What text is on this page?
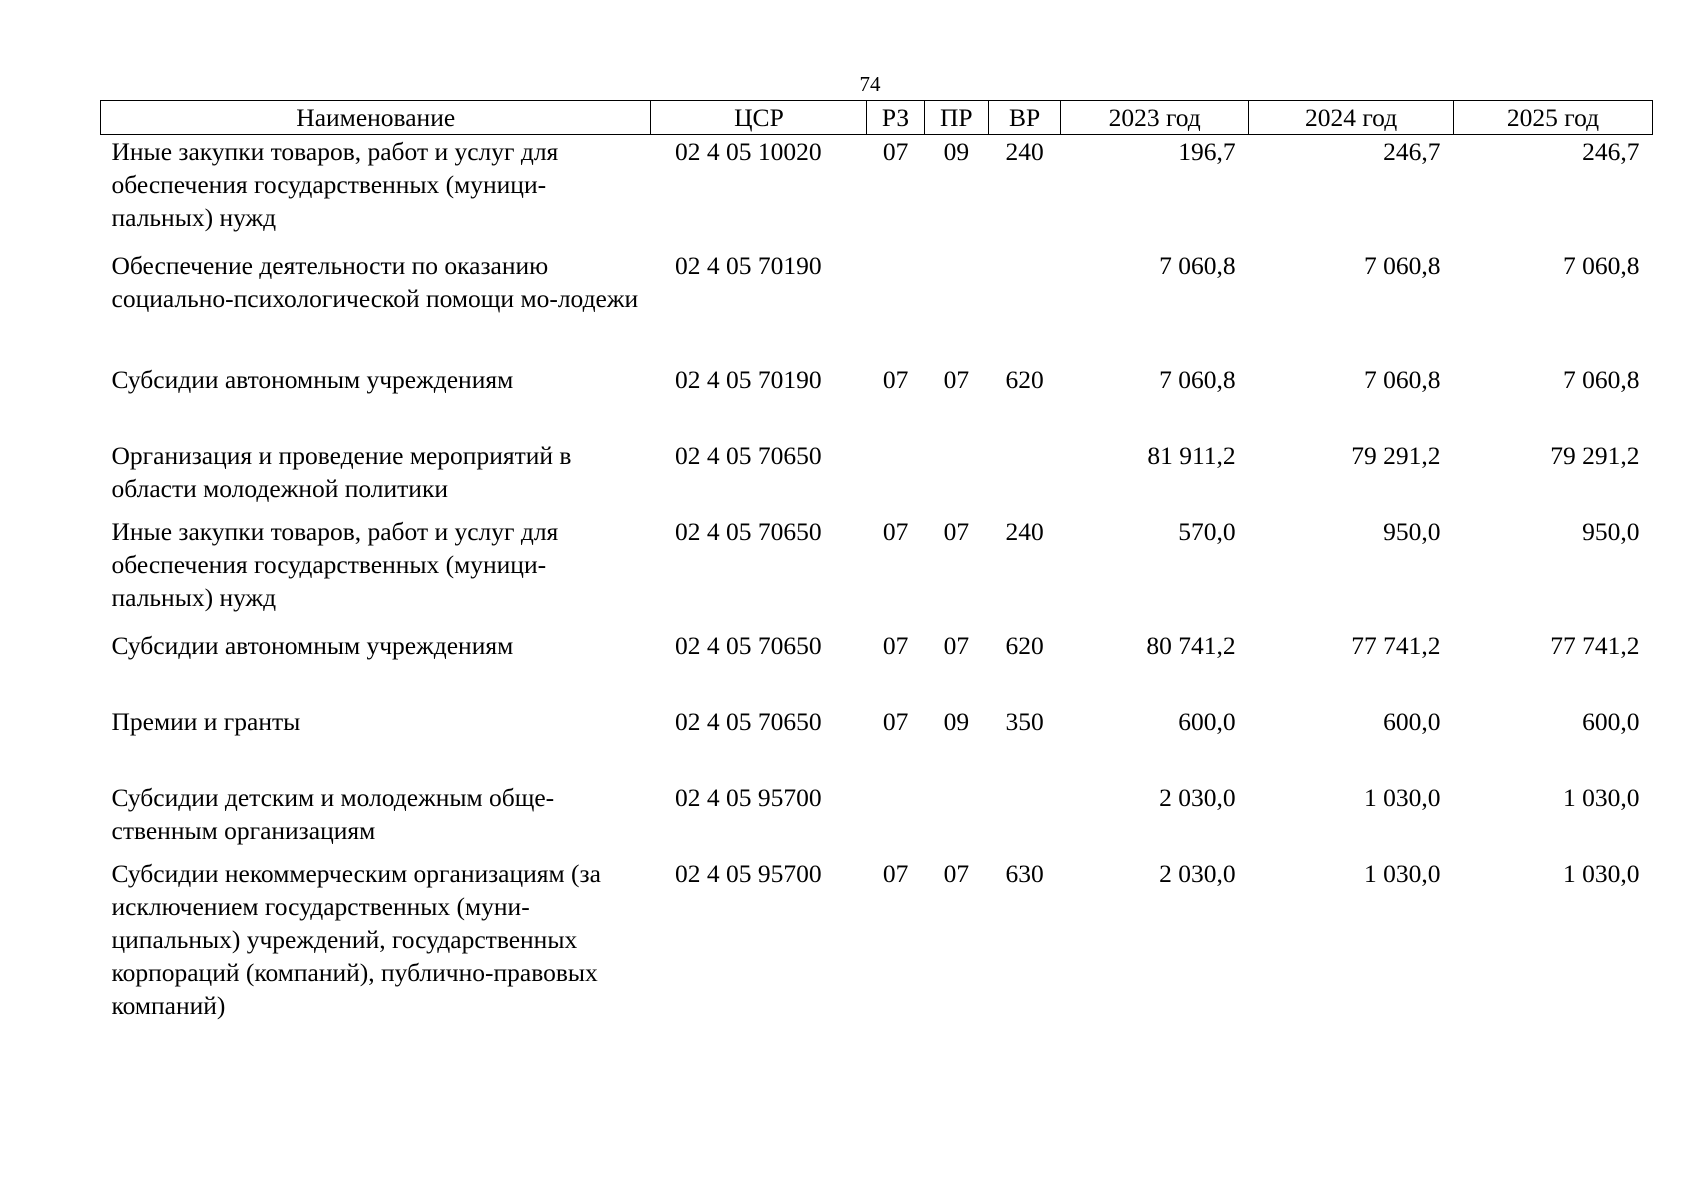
74
Наименование	ЦСР	РЗ	ПР	ВР	2023 год	2024 год	2025 год
Иные закупки товаров, работ и услуг для обеспечения государственных (муници-пальных) нужд	02 4 05 10020	07	09	240	196,7	246,7	246,7
Обеспечение деятельности по оказанию социально-психологической помощи мо-лодежи	02 4 05 70190				7 060,8	7 060,8	7 060,8
Субсидии автономным учреждениям	02 4 05 70190	07	07	620	7 060,8	7 060,8	7 060,8
Организация и проведение мероприятий в области молодежной политики	02 4 05 70650				81 911,2	79 291,2	79 291,2
Иные закупки товаров, работ и услуг для обеспечения государственных (муници-пальных) нужд	02 4 05 70650	07	07	240	570,0	950,0	950,0
Субсидии автономным учреждениям	02 4 05 70650	07	07	620	80 741,2	77 741,2	77 741,2
Премии и гранты	02 4 05 70650	07	09	350	600,0	600,0	600,0
Субсидии детским и молодежным обще-ственным организациям	02 4 05 95700				2 030,0	1 030,0	1 030,0
Субсидии некоммерческим организациям (за исключением государственных (муни-ципальных) учреждений, государственных корпораций (компаний), публично-правовых компаний)	02 4 05 95700	07	07	630	2 030,0	1 030,0	1 030,0
